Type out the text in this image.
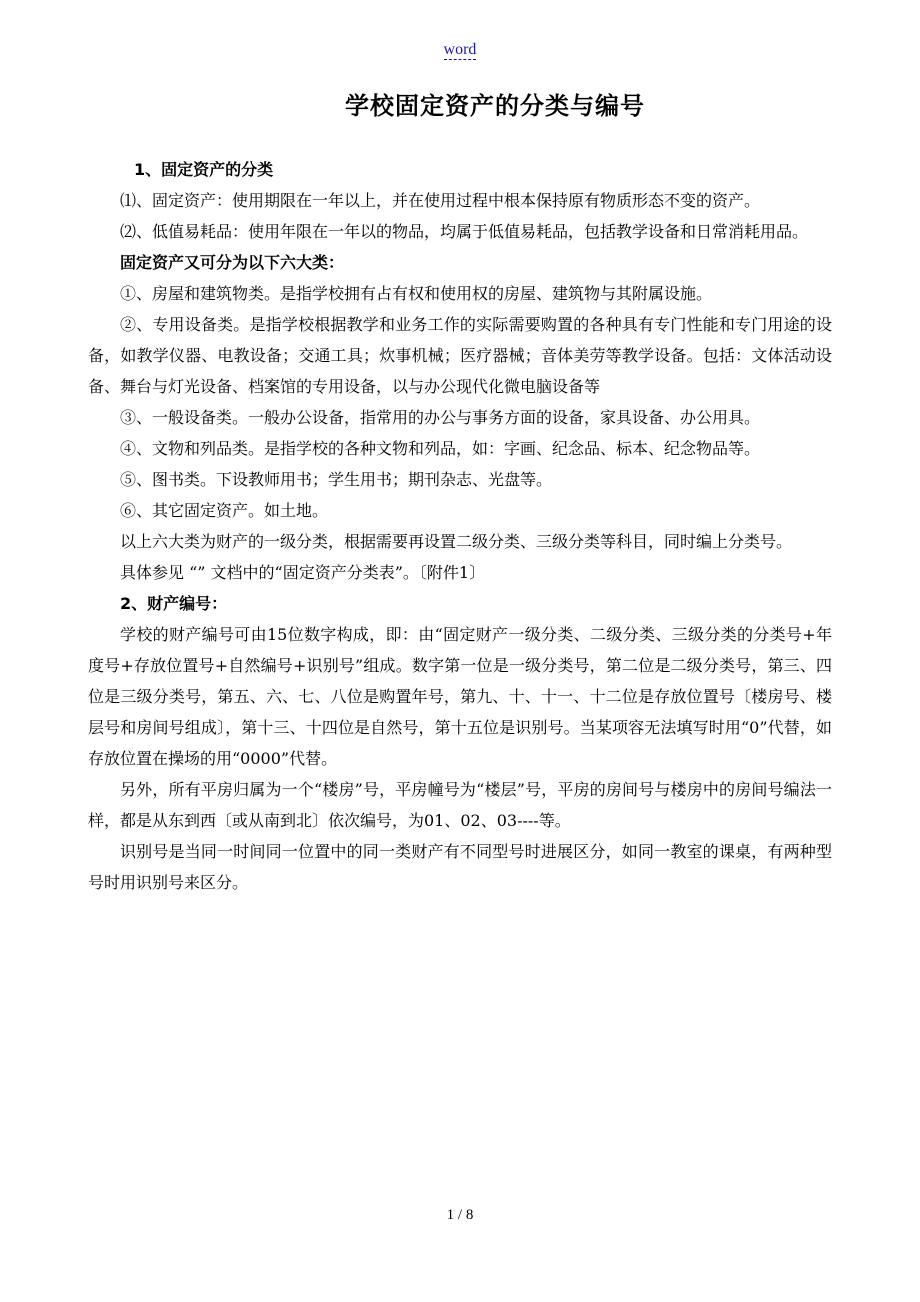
word
学校固定资产的分类与编号

1、固定资产的分类

⑴、固定资产：使用期限在一年以上，并在使用过程中根本保持原有物质形态不变的资产。

⑵、低值易耗品：使用年限在一年以的物品，均属于低值易耗品，包括教学设备和日常消耗用品。

固定资产又可分为以下六大类：

①、房屋和建筑物类。是指学校拥有占有权和使用权的房屋、建筑物与其附属设施。

②、专用设备类。是指学校根据教学和业务工作的实际需要购置的各种具有专门性能和专门用途的设备，如教学仪器、电教设备；交通工具；炊事机械；医疗器械；音体美劳等教学设备。包括：文体活动设备、舞台与灯光设备、档案馆的专用设备，以与办公现代化微电脑设备等

③、一般设备类。一般办公设备，指常用的办公与事务方面的设备，家具设备、办公用具。

④、文物和列品类。是指学校的各种文物和列品，如：字画、纪念品、标本、纪念物品等。

⑤、图书类。下设教师用书；学生用书；期刊杂志、光盘等。

⑥、其它固定资产。如土地。

以上六大类为财产的一级分类，根据需要再设置二级分类、三级分类等科目，同时编上分类号。

具体参见 “” 文档中的“固定资产分类表”。〔附件1〕

2、财产编号：

学校的财产编号可由15位数字构成，即：由“固定财产一级分类、二级分类、三级分类的分类号+年度号+存放位置号+自然编号+识别号”组成。数字第一位是一级分类号，第二位是二级分类号，第三、四位是三级分类号，第五、六、七、八位是购置年号，第九、十、十一、十二位是存放位置号〔楼房号、楼层号和房间号组成〕，第十三、十四位是自然号，第十五位是识别号。当某项容无法填写时用“0”代替，如存放位置在操场的用“0000”代替。

另外，所有平房归属为一个“楼房”号，平房幢号为“楼层”号，平房的房间号与楼房中的房间号编法一样，都是从东到西〔或从南到北〕依次编号，为01、02、03----等。

识别号是当同一时间同一位置中的同一类财产有不同型号时进展区分，如同一教室的课桌，有两种型号时用识别号来区分。

1 / 8
